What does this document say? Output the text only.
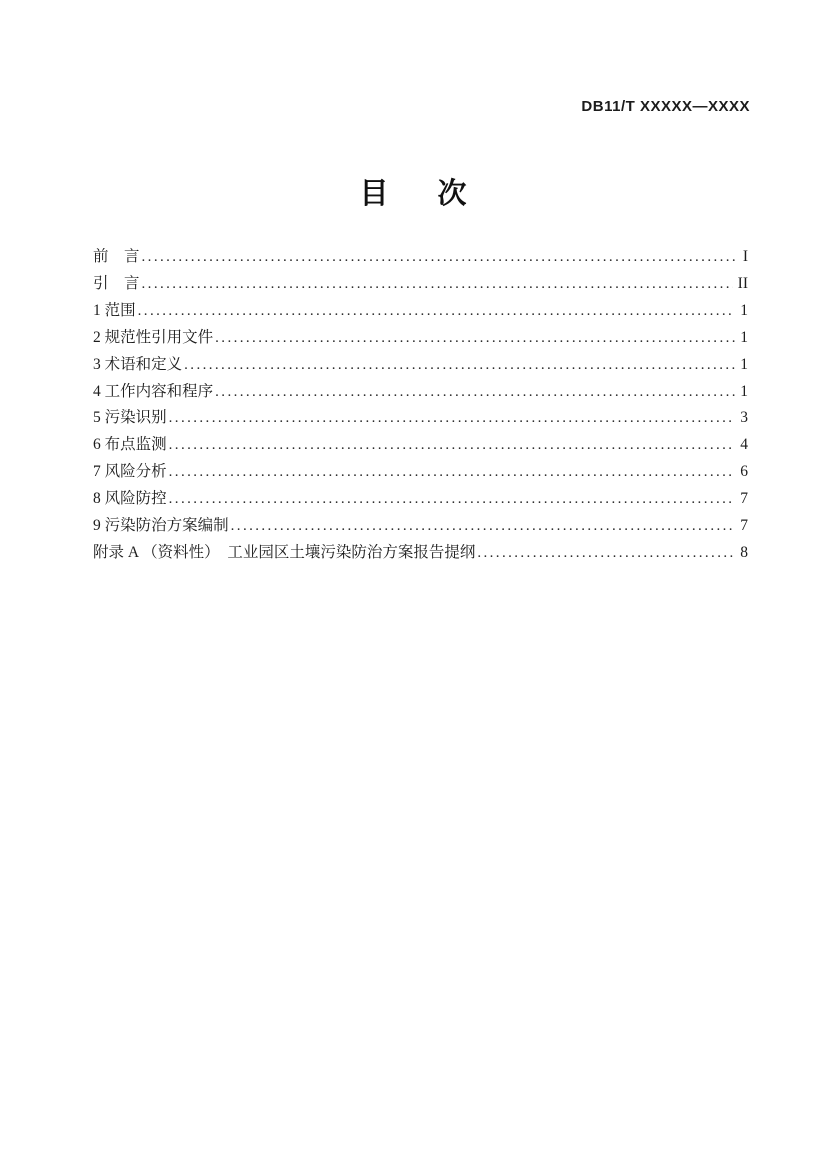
DB11/T XXXXX—XXXX
目　次
前　言 .....	I
引　言 .....	II
1 范围 .....	1
2 规范性引用文件 .....	1
3 术语和定义 .....	1
4 工作内容和程序 .....	1
5 污染识别 .....	3
6 布点监测 .....	4
7 风险分析 .....	6
8 风险防控 .....	7
9 污染防治方案编制 .....	7
附录 A （资料性）　工业园区土壤污染防治方案报告提纲 .....	8
